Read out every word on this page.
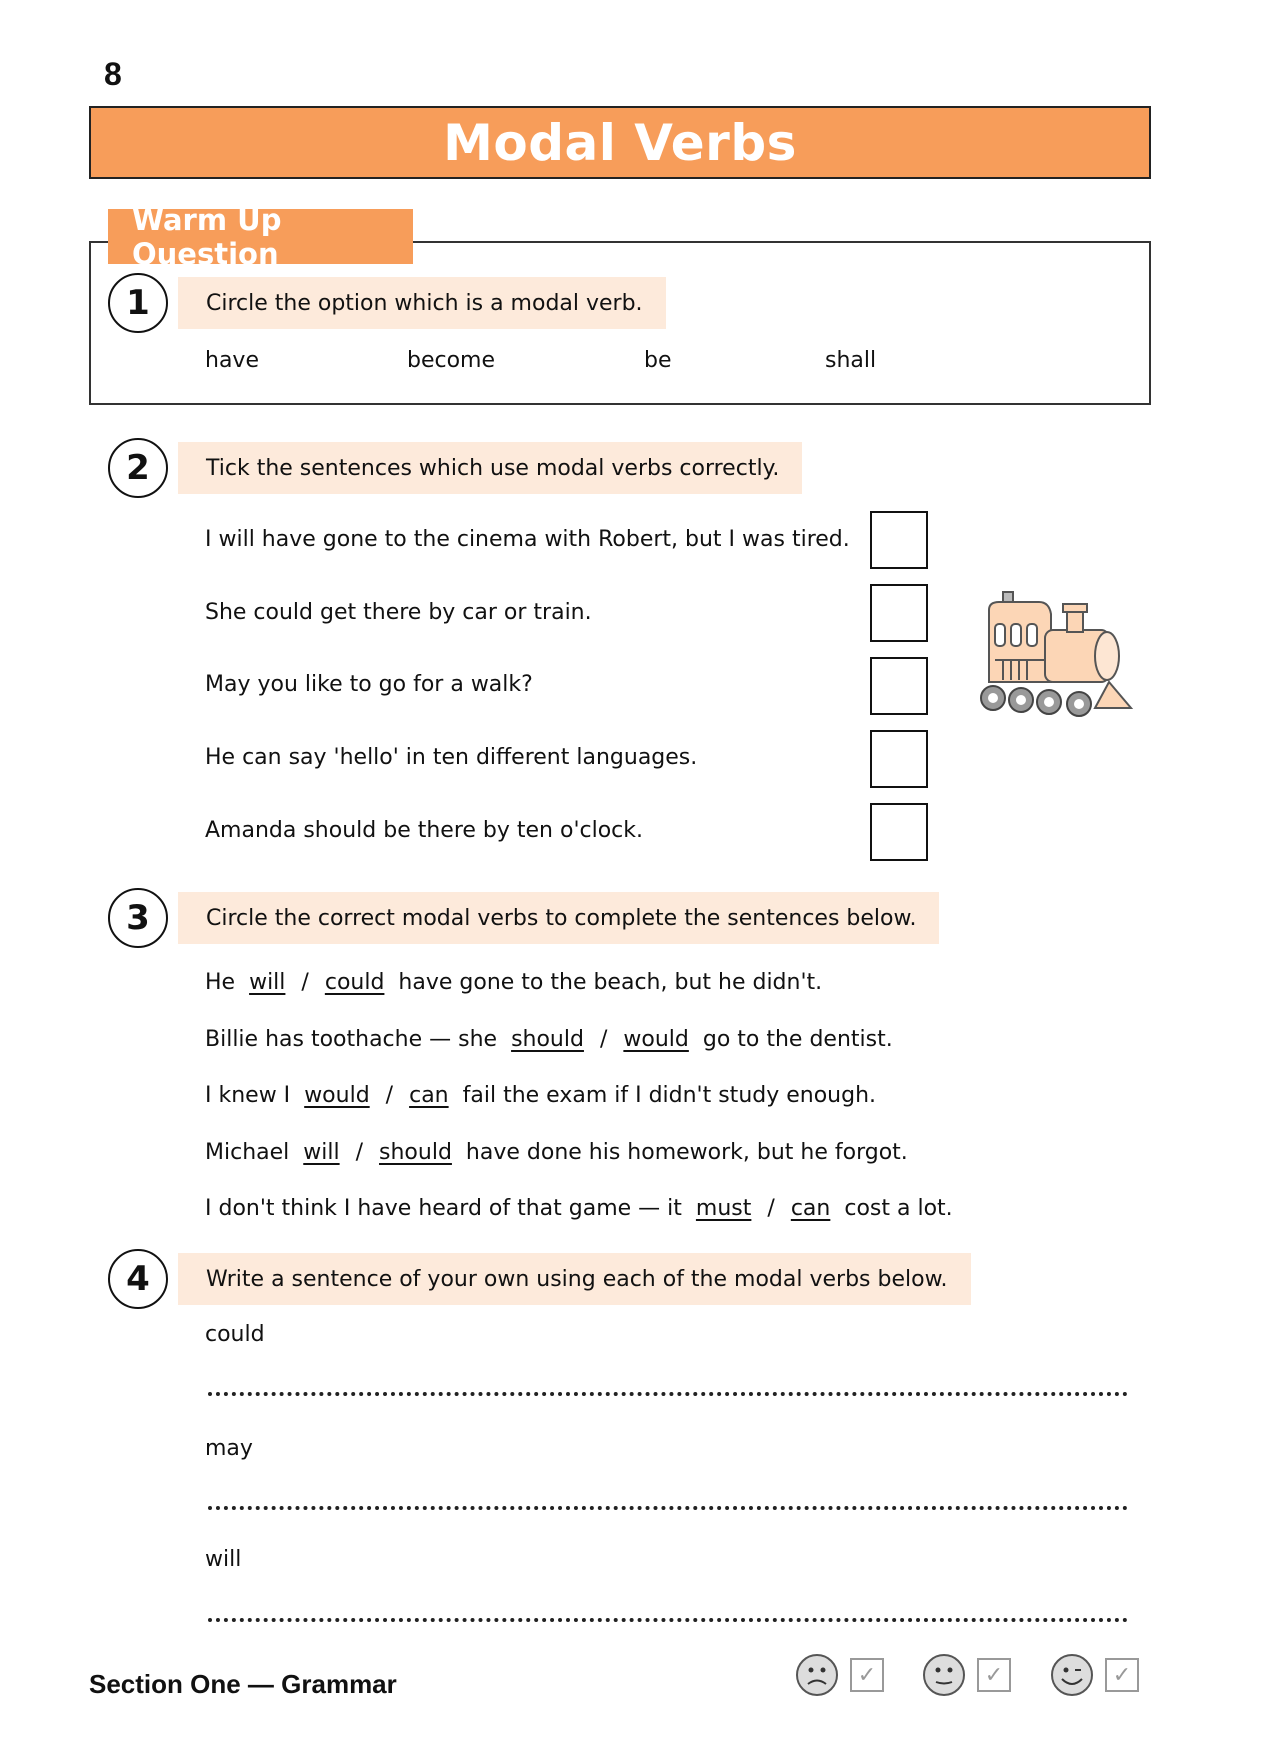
8
Modal Verbs
Warm Up Question
1	Circle the option which is a modal verb.
have	become	be	shall
2	Tick the sentences which use modal verbs correctly.
I will have gone to the cinema with Robert, but I was tired.
She could get there by car or train.
May you like to go for a walk?
He can say 'hello' in ten different languages.
Amanda should be there by ten o'clock.
3	Circle the correct modal verbs to complete the sentences below.
He will / could have gone to the beach, but he didn't.
Billie has toothache — she should / would go to the dentist.
I knew I would / can fail the exam if I didn't study enough.
Michael will / should have done his homework, but he forgot.
I don't think I have heard of that game — it must / can cost a lot.
4	Write a sentence of your own using each of the modal verbs below.
could
may
will
Section One — Grammar	✓	✓	✓
